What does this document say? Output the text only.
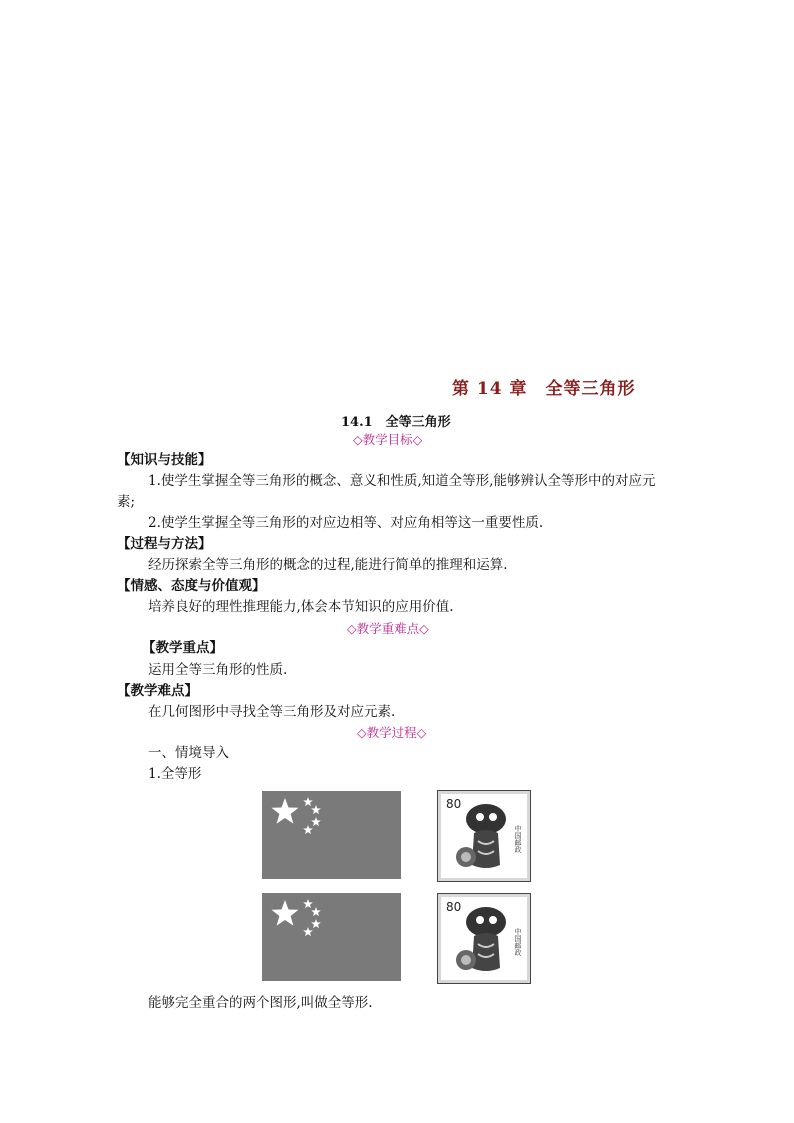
第 14 章　全等三角形
14.1　全等三角形
◇教学目标◇
【知识与技能】
1.使学生掌握全等三角形的概念、意义和性质,知道全等形,能够辨认全等形中的对应元
素;
2.使学生掌握全等三角形的对应边相等、对应角相等这一重要性质.
【过程与方法】
经历探索全等三角形的概念的过程,能进行简单的推理和运算.
【情感、态度与价值观】
培养良好的理性推理能力,体会本节知识的应用价值.
◇教学重难点◇
【教学重点】
运用全等三角形的性质.
【教学难点】
在几何图形中寻找全等三角形及对应元素.
◇教学过程◇
一、情境导入
1.全等形
80
中国邮政
80
中国邮政
能够完全重合的两个图形,叫做全等形.
